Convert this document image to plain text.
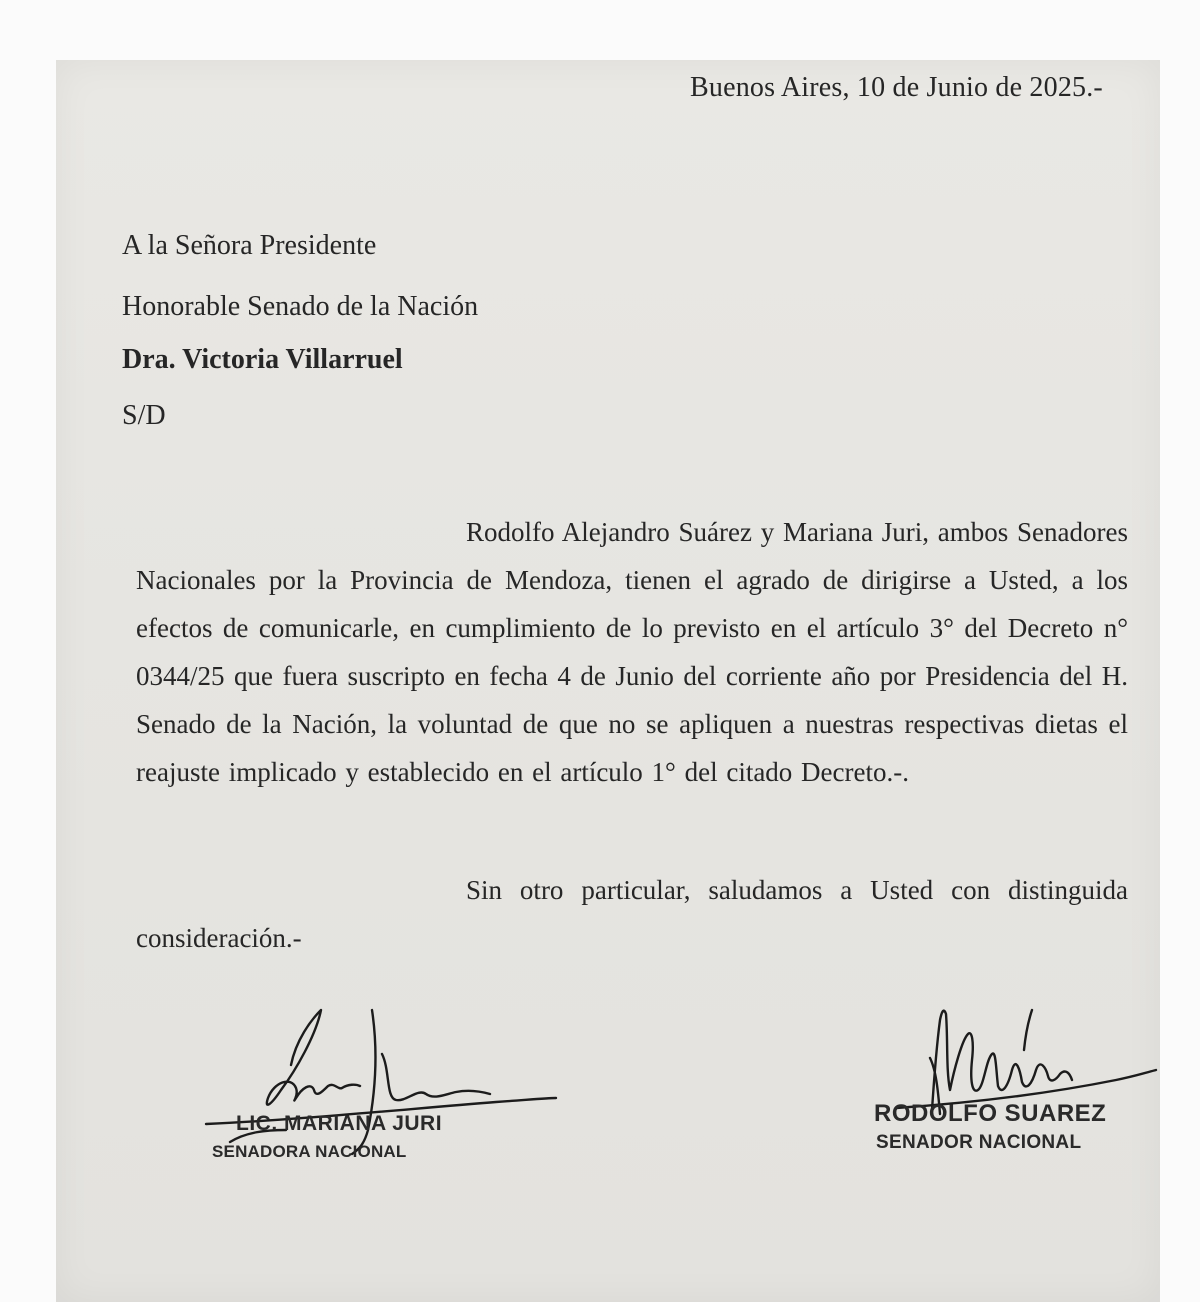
Buenos Aires, 10 de Junio de 2025.-
A la Señora Presidente
Honorable Senado de la Nación
Dra. Victoria Villarruel
S/D

Rodolfo Alejandro Suárez y Mariana Juri, ambos Senadores Nacionales por la Provincia de Mendoza, tienen el agrado de dirigirse a Usted, a los efectos de comunicarle, en cumplimiento de lo previsto en el artículo 3° del Decreto n° 0344/25 que fuera suscripto en fecha 4 de Junio del corriente año por Presidencia del H. Senado de la Nación, la voluntad de que no se apliquen a nuestras respectivas dietas el reajuste implicado y establecido en el artículo 1° del citado Decreto.-.

Sin otro particular, saludamos a Usted con distinguida consideración.-

LIC. MARIANA JURI
SENADORA NACIONAL
RODOLFO SUAREZ
SENADOR NACIONAL
